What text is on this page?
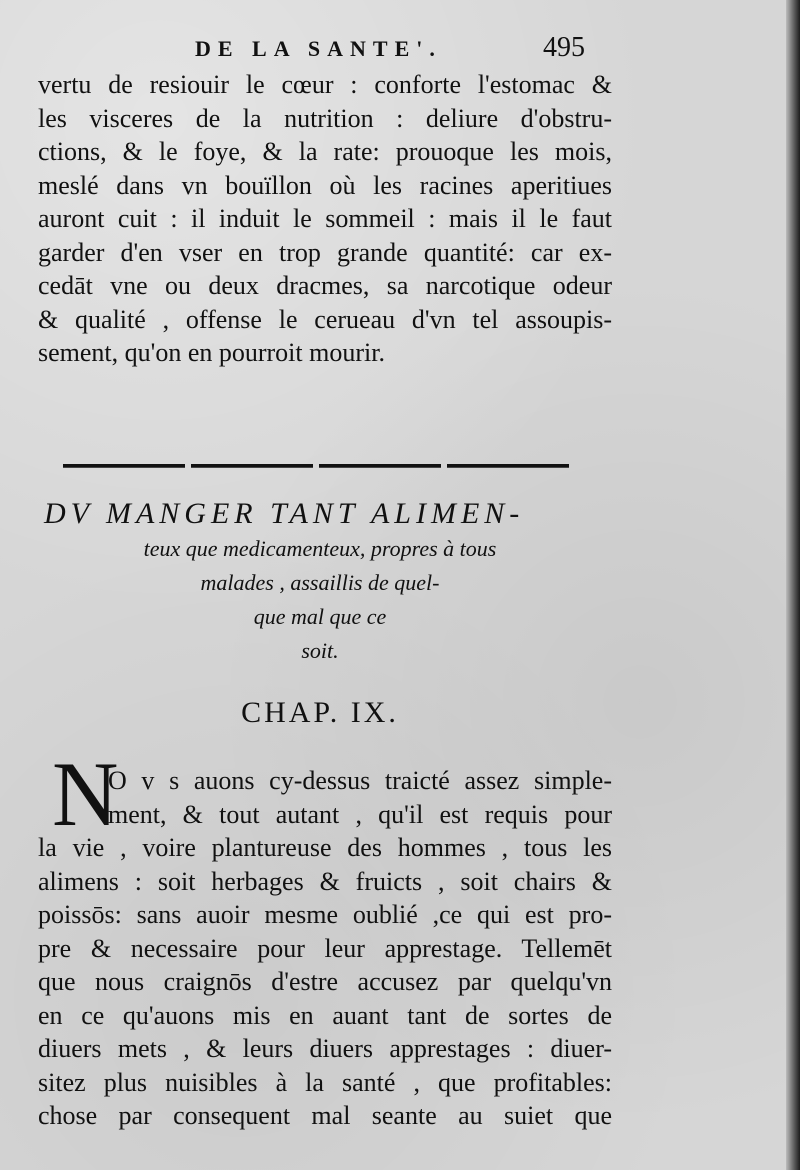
DE LA SANTE'.	495
vertu de resiouir le cœur : conforte l'estomac &
les visceres de la nutrition : deliure d'obstru-
ctions, & le foye, & la rate: prouoque les mois,
meslé dans vn bouïllon où les racines aperitiues
auront cuit : il induit le sommeil : mais il le faut
garder d'en vser en trop grande quantité: car ex-
cedāt vne ou deux dracmes, sa narcotique odeur
& qualité , offense le cerueau d'vn tel assoupis-
sement, qu'on en pourroit mourir.
DV MANGER TANT ALIMEN-
teux que medicamenteux, propres à tous
malades , assaillis de quel-
que mal que ce
soit.
CHAP. IX.
N
O v s auons cy-dessus traicté assez simple-
ment, & tout autant , qu'il est requis pour
la vie , voire plantureuse des hommes , tous les
alimens : soit herbages & fruicts , soit chairs &
poissōs: sans auoir mesme oublié ,ce qui est pro-
pre & necessaire pour leur apprestage. Tellemēt
que nous craignōs d'estre accusez par quelqu'vn
en ce qu'auons mis en auant tant de sortes de
diuers mets , & leurs diuers apprestages : diuer-
sitez plus nuisibles à la santé , que profitables:
chose par consequent mal seante au suiet que
